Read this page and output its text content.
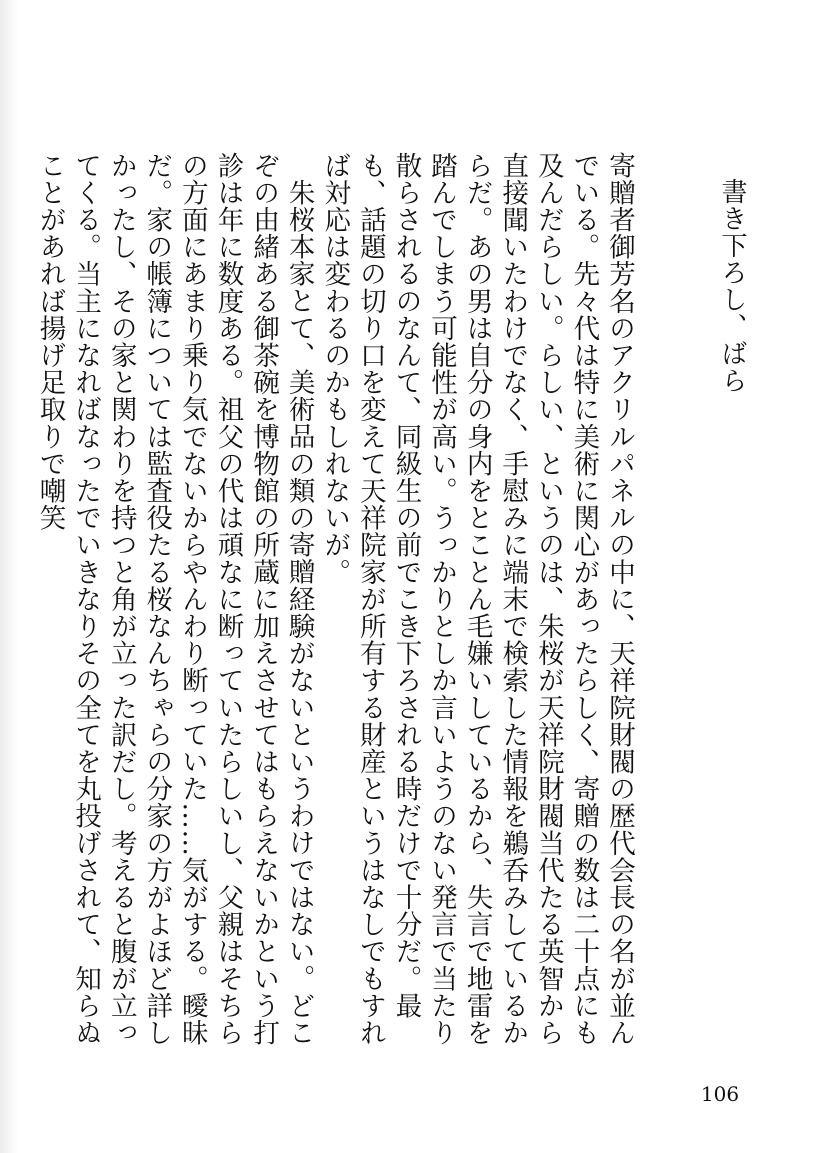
書き下ろし、ばら

寄贈者御芳名のアクリルパネルの中に、天祥院財閥の歴代会長の名が並んでいる。先々代は特に美術に関心があったらしく、寄贈の数は二十点にも及んだらしい。らしい、というのは、朱桜が天祥院財閥当代たる英智から直接聞いたわけでなく、手慰みに端末で検索した情報を鵜呑みしているからだ。あの男は自分の身内をとことん毛嫌いしているから、失言で地雷を踏んでしまう可能性が高い。うっかりとしか言いようのない発言で当たり散らされるのなんて、同級生の前でこき下ろされる時だけで十分だ。最も、話題の切り口を変えて天祥院家が所有する財産というはなしでもすれば対応は変わるのかもしれないが。

朱桜本家とて、美術品の類の寄贈経験がないというわけではない。どこぞの由緒ある御茶碗を博物館の所蔵に加えさせてはもらえないかという打診は年に数度ある。祖父の代は頑なに断っていたらしいし、父親はそちらの方面にあまり乗り気でないからやんわり断っていた……気がする。曖昧だ。家の帳簿については監査役たる桜なんちゃらの分家の方がよほど詳しかったし、その家と関わりを持つと角が立った訳だし。考えると腹が立ってくる。当主になればなったでいきなりその全てを丸投げされて、知らぬことがあれば揚げ足取りで嘲笑

106
